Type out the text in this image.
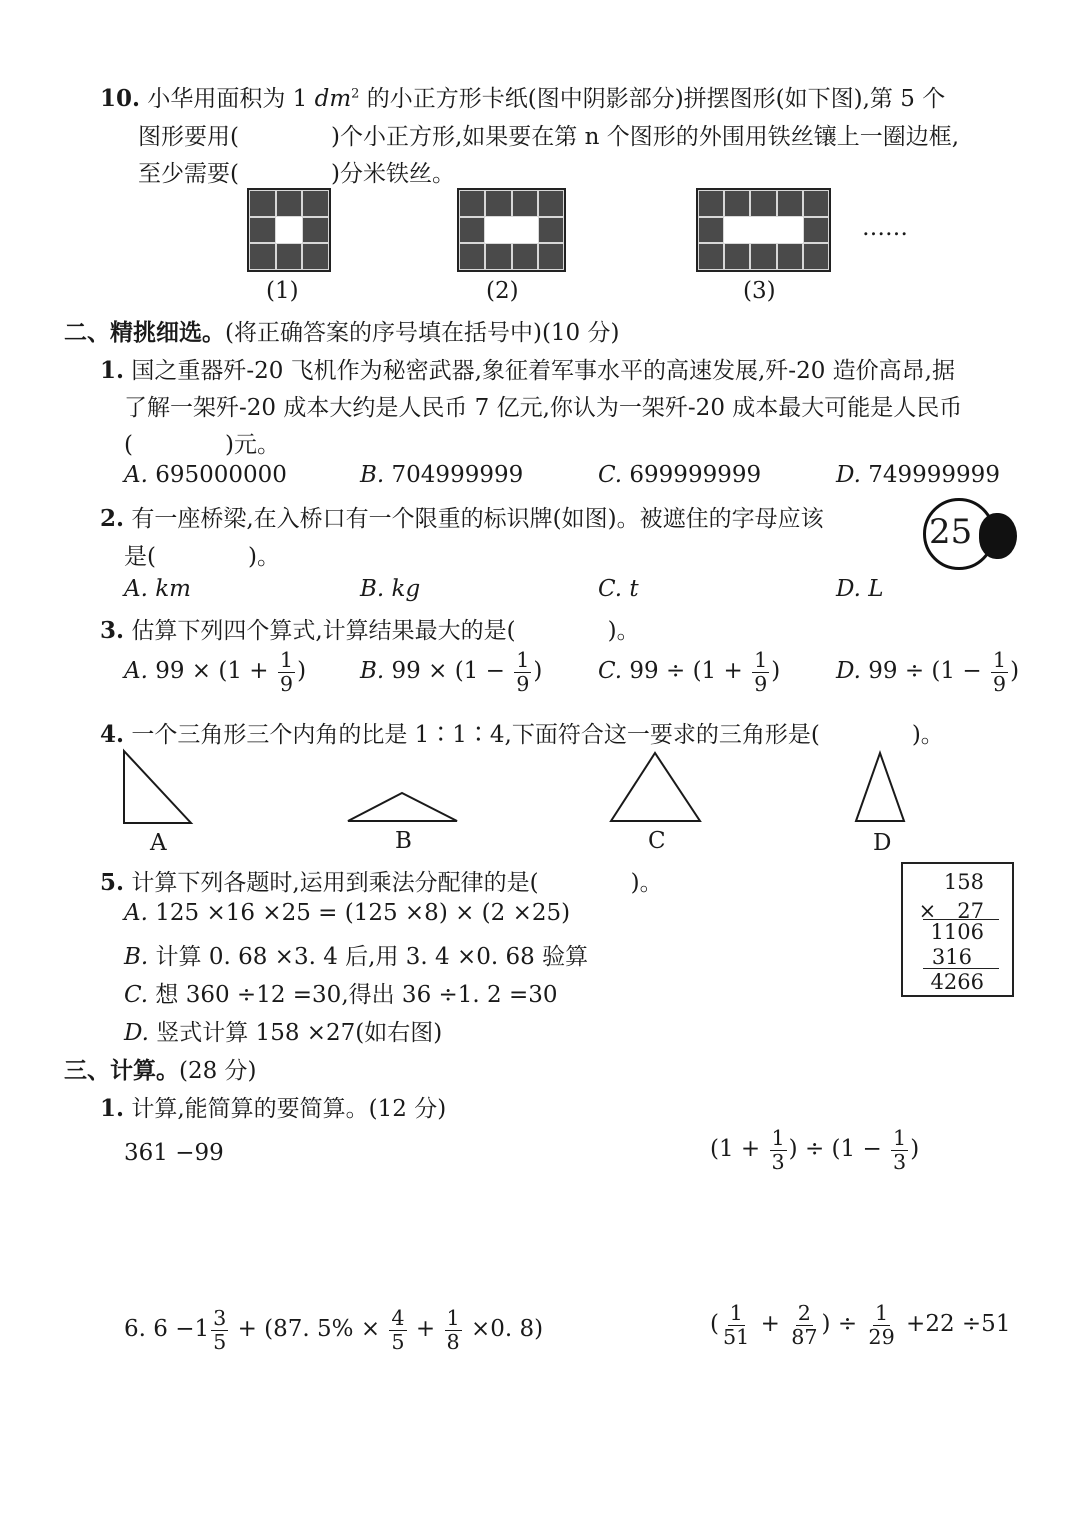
10. 小华用面积为 1 $dm^2$ 的小正方形卡纸(图中阴影部分)拼摆图形(如下图),第 5 个
图形要用(　　　　)个小正方形,如果要在第 n 个图形的外围用铁丝镶上一圈边框,
至少需要(　　　　)分米铁丝。
……
(1)	(2)	(3)
二、精挑细选。(将正确答案的序号填在括号中)(10 分)
1. 国之重器歼-20 飞机作为秘密武器,象征着军事水平的高速发展,歼-20 造价高昂,据
了解一架歼-20 成本大约是人民币 7 亿元,你认为一架歼-20 成本最大可能是人民币
(　　　　)元。
A. 695000000	B. 704999999	C. 699999999	D. 749999999
2. 有一座桥梁,在入桥口有一个限重的标识牌(如图)。被遮住的字母应该
是(　　　　)。
25
A. km	B. kg	C. t	D. L
3. 估算下列四个算式,计算结果最大的是(　　　　)。
A. $99 \times (1 + \frac{1}{9}$ ) B. $99 \times (1 - \frac{1}{9}$ ) C. $99 \div (1 + \frac{1}{9}$ ) D. $99 \div (1 - \frac{1}{9}$ )
4. 一个三角形三个内角的比是 1∶1∶4,下面符合这一要求的三角形是(　　　　)。
A	B	C	D
5. 计算下列各题时,运用到乘法分配律的是(　　　　)。
A. 125 ×16 ×25 = (125 ×8) × (2 ×25)
B. 计算 0. 68 ×3. 4 后,用 3. 4 ×0. 68 验算
C. 想 360 ÷12 =30,得出 36 ÷1. 2 =30
D. 竖式计算 158 ×27(如右图)
158
×　27
1106
316
4266
三、计算。(28 分)
1. 计算,能简算的要简算。(12 分)
361 −99	($1 + \frac{1}{3}$ ) ÷ ($1 - \frac{1}{3}$ )
6. $6 -1 \frac{3}{5} + (87$. $5\% \times \frac{4}{5} + \frac{1}{8} \times 0$. 8)	( $\frac{1}{51} + \frac{2}{87}$ ) ÷ $\frac{1}{29} +22 \div 51$
